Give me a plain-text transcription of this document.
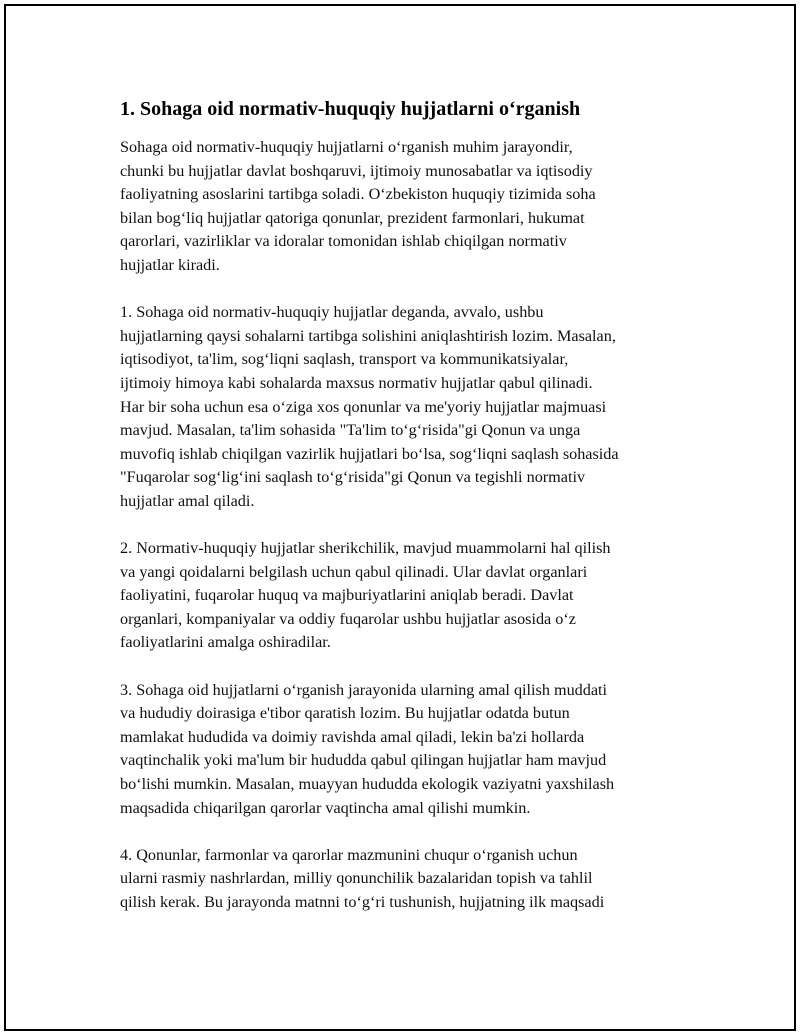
1. Sohaga oid normativ-huquqiy hujjatlarni o‘rganish
Sohaga oid normativ-huquqiy hujjatlarni o‘rganish muhim jarayondir,
chunki bu hujjatlar davlat boshqaruvi, ijtimoiy munosabatlar va iqtisodiy
faoliyatning asoslarini tartibga soladi. O‘zbekiston huquqiy tizimida soha
bilan bog‘liq hujjatlar qatoriga qonunlar, prezident farmonlari, hukumat
qarorlari, vazirliklar va idoralar tomonidan ishlab chiqilgan normativ
hujjatlar kiradi.
1. Sohaga oid normativ-huquqiy hujjatlar deganda, avvalo, ushbu
hujjatlarning qaysi sohalarni tartibga solishini aniqlashtirish lozim. Masalan,
iqtisodiyot, ta'lim, sog‘liqni saqlash, transport va kommunikatsiyalar,
ijtimoiy himoya kabi sohalarda maxsus normativ hujjatlar qabul qilinadi.
Har bir soha uchun esa o‘ziga xos qonunlar va me'yoriy hujjatlar majmuasi
mavjud. Masalan, ta'lim sohasida "Ta'lim to‘g‘risida"gi Qonun va unga
muvofiq ishlab chiqilgan vazirlik hujjatlari bo‘lsa, sog‘liqni saqlash sohasida
"Fuqarolar sog‘lig‘ini saqlash to‘g‘risida"gi Qonun va tegishli normativ
hujjatlar amal qiladi.
2. Normativ-huquqiy hujjatlar sherikchilik, mavjud muammolarni hal qilish
va yangi qoidalarni belgilash uchun qabul qilinadi. Ular davlat organlari
faoliyatini, fuqarolar huquq va majburiyatlarini aniqlab beradi. Davlat
organlari, kompaniyalar va oddiy fuqarolar ushbu hujjatlar asosida o‘z
faoliyatlarini amalga oshiradilar.
3. Sohaga oid hujjatlarni o‘rganish jarayonida ularning amal qilish muddati
va hududiy doirasiga e'tibor qaratish lozim. Bu hujjatlar odatda butun
mamlakat hududida va doimiy ravishda amal qiladi, lekin ba'zi hollarda
vaqtinchalik yoki ma'lum bir hududda qabul qilingan hujjatlar ham mavjud
bo‘lishi mumkin. Masalan, muayyan hududda ekologik vaziyatni yaxshilash
maqsadida chiqarilgan qarorlar vaqtincha amal qilishi mumkin.
4. Qonunlar, farmonlar va qarorlar mazmunini chuqur o‘rganish uchun
ularni rasmiy nashrlardan, milliy qonunchilik bazalaridan topish va tahlil
qilish kerak. Bu jarayonda matnni to‘g‘ri tushunish, hujjatning ilk maqsadi
